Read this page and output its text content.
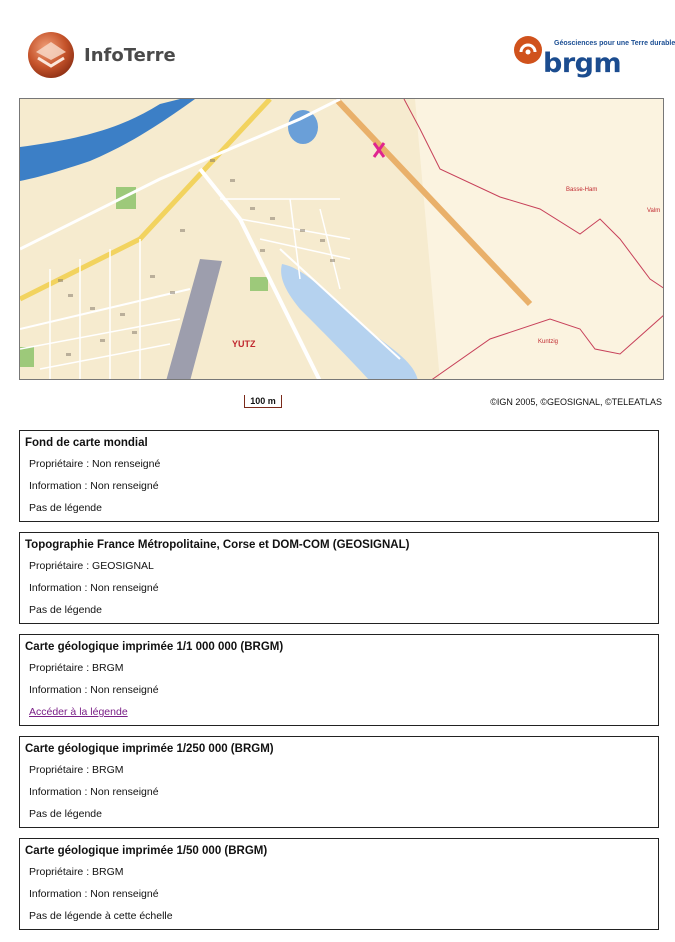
InfoTerre
Géosciences pour une Terre durable
brgm
YUTZ
Basse-Ham
Kuntzig
Valm
100 m	©IGN 2005, ©GEOSIGNAL, ©TELEATLAS
Fond de carte mondial
Propriétaire : Non renseigné
Information : Non renseigné
Pas de légende
Topographie France Métropolitaine, Corse et DOM-COM (GEOSIGNAL)
Propriétaire : GEOSIGNAL
Information : Non renseigné
Pas de légende
Carte géologique imprimée 1/1 000 000 (BRGM)
Propriétaire : BRGM
Information : Non renseigné
Accéder à la légende
Carte géologique imprimée 1/250 000 (BRGM)
Propriétaire : BRGM
Information : Non renseigné
Pas de légende
Carte géologique imprimée 1/50 000 (BRGM)
Propriétaire : BRGM
Information : Non renseigné
Pas de légende à cette échelle
